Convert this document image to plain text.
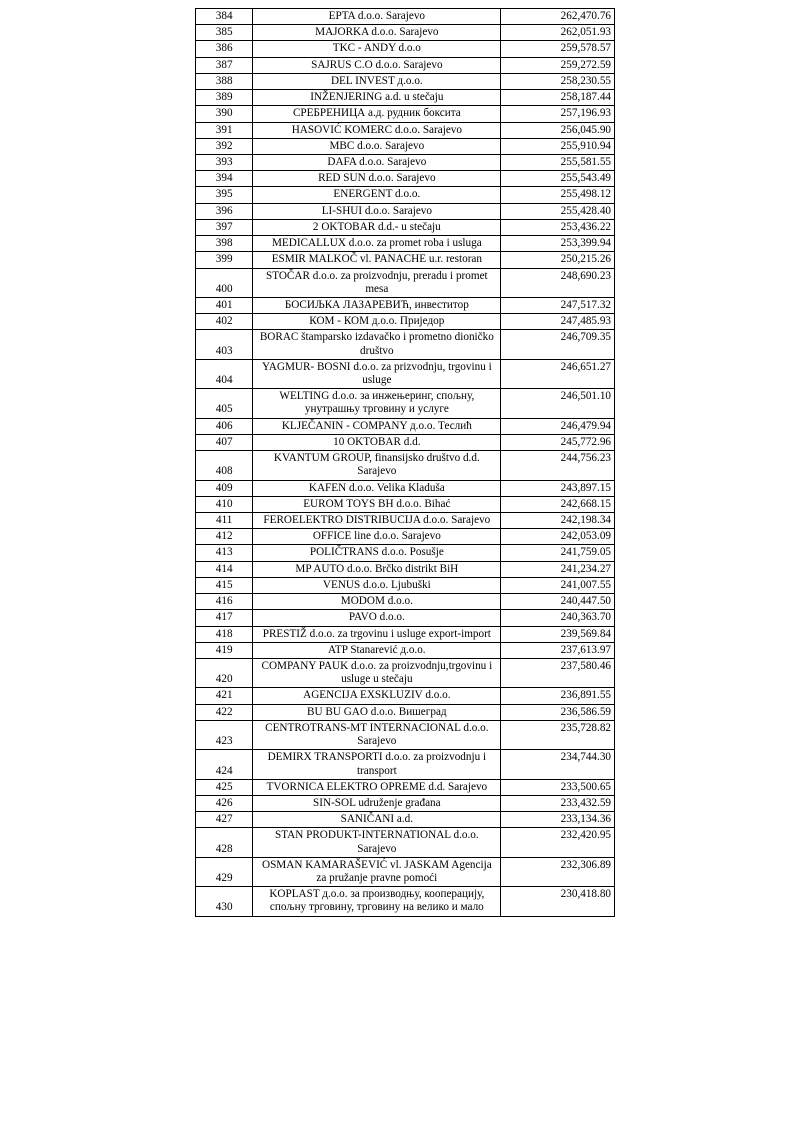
384	EPTA d.o.o. Sarajevo	262,470.76
385	MAJORKA d.o.o. Sarajevo	262,051.93
386	TKC - ANDY d.o.o	259,578.57
387	SAJRUS C.O d.o.o. Sarajevo	259,272.59
388	DEL INVEST д.о.о.	258,230.55
389	INŽENJERING a.d. u stečaju	258,187.44
390	СРЕБРЕНИЦА а.д. рудник боксита	257,196.93
391	HASOVIĆ KOMERC d.o.o. Sarajevo	256,045.90
392	MBC d.o.o. Sarajevo	255,910.94
393	DAFA d.o.o. Sarajevo	255,581.55
394	RED SUN d.o.o. Sarajevo	255,543.49
395	ENERGENT d.o.o.	255,498.12
396	LI-SHUI d.o.o. Sarajevo	255,428.40
397	2 OKTOBAR d.d.- u stečaju	253,436.22
398	MEDICALLUX d.o.o. za promet roba i usluga	253,399.94
399	ESMIR MALKOČ vl. PANACHE u.r. restoran	250,215.26
400	STOČAR d.o.o. za proizvodnju, preradu i promet mesa	248,690.23
401	БОСИЉКА ЛАЗАРЕВИЋ, инвеститор	247,517.32
402	КОМ - КОМ д.о.о. Приједор	247,485.93
403	BORAC štamparsko izdavačko i prometno dioničko društvo	246,709.35
404	YAGMUR- BOSNI d.o.o. za prizvodnju, trgovinu i usluge	246,651.27
405	WELTING d.o.o. за инжењеринг, спољну, унутрашњу трговину и услуге	246,501.10
406	KLJEČANIN - COMPANY д.о.о. Теслић	246,479.94
407	10 OKTOBAR d.d.	245,772.96
408	KVANTUM GROUP, finansijsko društvo d.d. Sarajevo	244,756.23
409	KAFEN d.o.o. Velika Kladuša	243,897.15
410	EUROM TOYS BH d.o.o. Bihać	242,668.15
411	FEROELEKTRO DISTRIBUCIJA d.o.o. Sarajevo	242,198.34
412	OFFICE line d.o.o. Sarajevo	242,053.09
413	POLIČTRANS d.o.o. Posušje	241,759.05
414	MP AUTO d.o.o. Brčko distrikt BiH	241,234.27
415	VENUS d.o.o. Ljubuški	241,007.55
416	MODOM d.o.o.	240,447.50
417	PAVO d.o.o.	240,363.70
418	PRESTIŽ d.o.o. za trgovinu i usluge export-import	239,569.84
419	ATP Stanarević д.о.о.	237,613.97
420	COMPANY PAUK d.o.o. za proizvodnju,trgovinu i usluge u stečaju	237,580.46
421	AGENCIJA EXSKLUZIV d.o.o.	236,891.55
422	BU BU GAO d.o.o. Вишеград	236,586.59
423	CENTROTRANS-MT INTERNACIONAL d.o.o. Sarajevo	235,728.82
424	DEMIRX TRANSPORTI d.o.o. za proizvodnju i transport	234,744.30
425	TVORNICA ELEKTRO OPREME d.d. Sarajevo	233,500.65
426	SIN-SOL udruženje građana	233,432.59
427	SANIČANI a.d.	233,134.36
428	STAN PRODUKT-INTERNATIONAL d.o.o. Sarajevo	232,420.95
429	OSMAN KAMARAŠEVIĆ vl. JASKAM Agencija za pružanje pravne pomoći	232,306.89
430	KOPLAST д.о.о. за производњу, кооперацију, спољну трговину, трговину на велико и мало	230,418.80
